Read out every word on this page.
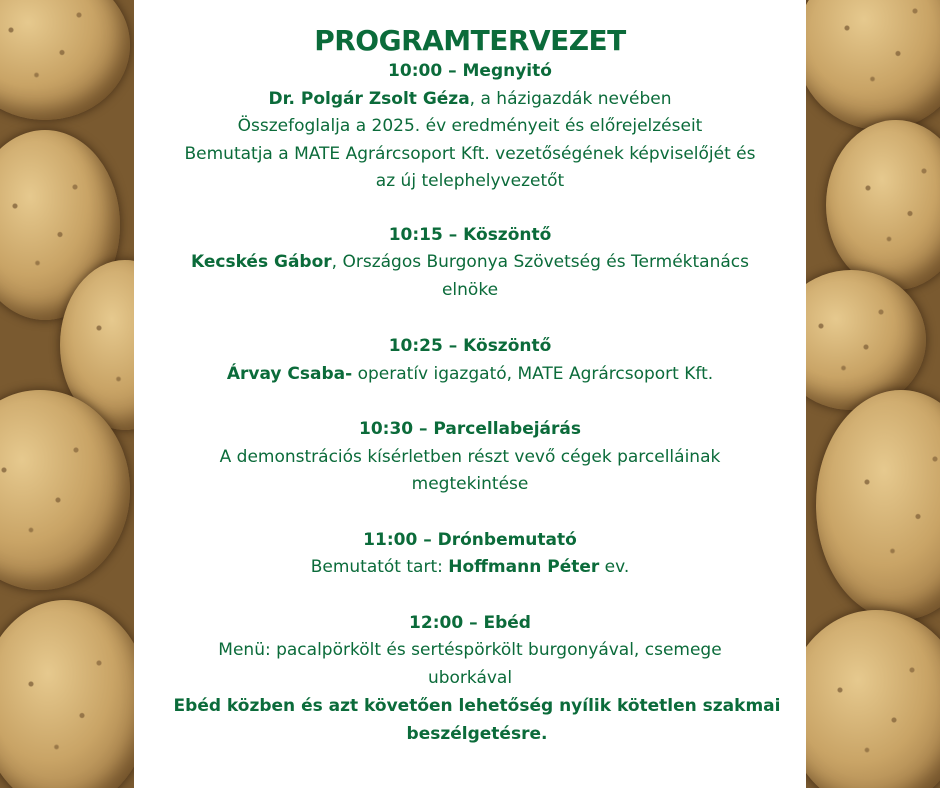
PROGRAMTERVEZET

10:00 – Megnyitó

Dr. Polgár Zsolt Géza, a házigazdák nevében

Összefoglalja a 2025. év eredményeit és előrejelzéseit

Bemutatja a MATE Agrárcsoport Kft. vezetőségének képviselőjét és

az új telephelyvezetőt

10:15 – Köszöntő

Kecskés Gábor, Országos Burgonya Szövetség és Terméktanács

elnöke

10:25 – Köszöntő

Árvay Csaba- operatív igazgató, MATE Agrárcsoport Kft.

10:30 – Parcellabejárás

A demonstrációs kísérletben részt vevő cégek parcelláinak

megtekintése

11:00 – Drónbemutató

Bemutatót tart: Hoffmann Péter ev.

12:00 – Ebéd

Menü: pacalpörkölt és sertéspörkölt burgonyával, csemege

uborkával

Ebéd közben és azt követően lehetőség nyílik kötetlen szakmai

beszélgetésre.
